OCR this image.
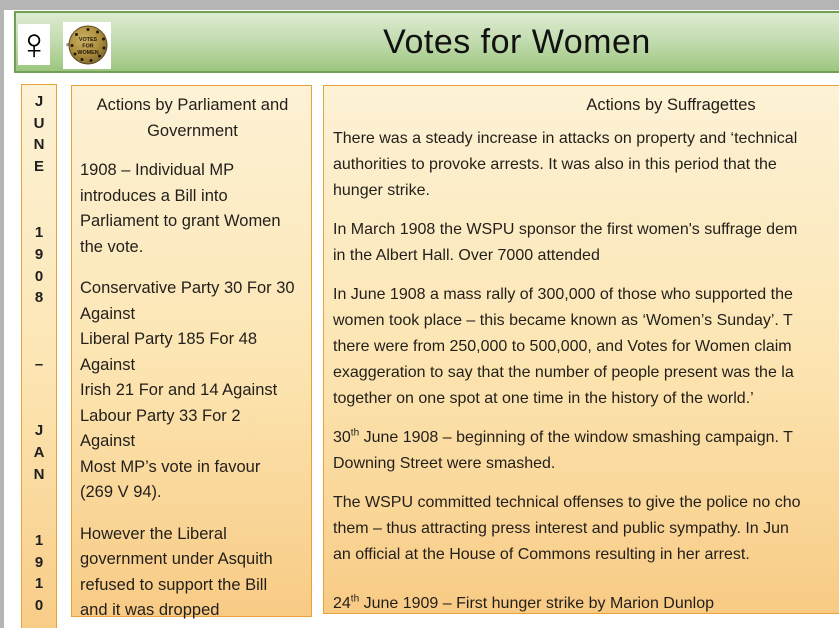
Votes for Women
♀	VOTES
FOR
WOMEN
J
U
N
E
1
9
0
8
–
J
A
N
1
9
1
0
Actions by Parliament and
Government
1908 – Individual MP
introduces a Bill into
Parliament to grant Women
the vote.
Conservative Party 30 For 30
Against
Liberal Party 185 For 48
Against
Irish 21 For and 14 Against
Labour Party 33 For 2
Against
Most MP’s vote in favour
(269 V 94).
However the Liberal
government under Asquith
refused to support the Bill
and it was dropped
Actions by Suffragettes
There was a steady increase in attacks on property and ‘technical
authorities to provoke arrests. It was also in this period that the
hunger strike.
In March 1908 the WSPU sponsor the first women's suffrage dem
in the Albert Hall. Over 7000 attended
In June 1908 a mass rally of 300,000 of those who supported the
women took place – this became known as ‘Women’s Sunday’. T
there were from 250,000 to 500,000, and Votes for Women claim
exaggeration to say that the number of people present was the la
together on one spot at one time in the history of the world.’
30th June 1908 – beginning of the window smashing campaign. T
Downing Street were smashed.
The WSPU committed technical offenses to give the police no cho
them – thus attracting press interest and public sympathy. In Jun
an official at the House of Commons resulting in her arrest.
24th June 1909 – First hunger strike by Marion Dunlop
